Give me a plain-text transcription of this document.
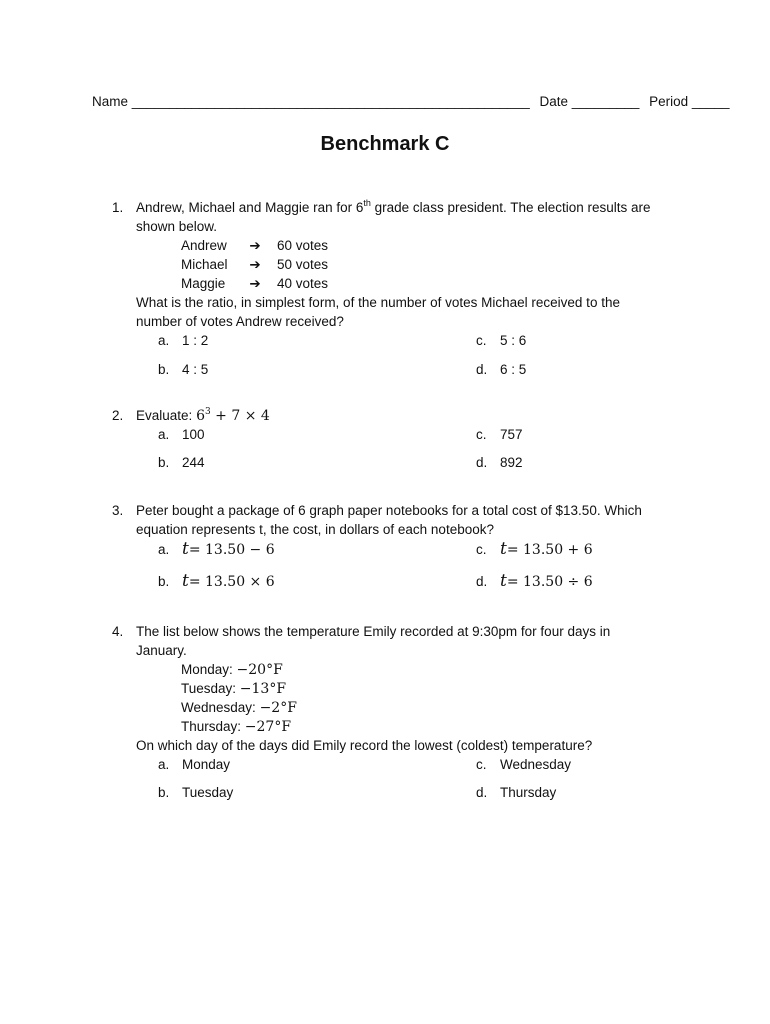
Name _____________________________________________________ Date _________ Period _____
Benchmark C
1. Andrew, Michael and Maggie ran for 6th grade class president. The election results are
shown below.
Andrew ➔ 60 votes
Michael ➔ 50 votes
Maggie ➔ 40 votes
What is the ratio, in simplest form, of the number of votes Michael received to the
number of votes Andrew received?
a. 1 : 2
b. 4 : 5
c. 5 : 6
d. 6 : 5
2. Evaluate: $6^3 + 7 \times 4$
a. 100
b. 244
c. 757
d. 892
3. Peter bought a package of 6 graph paper notebooks for a total cost of $13.50. Which
equation represents t, the cost, in dollars of each notebook?
a. t= 13.50 − 6
b. t= 13.50 × 6
c. t= 13.50 + 6
d. t= 13.50 ÷ 6
4. The list below shows the temperature Emily recorded at 9:30pm for four days in
January.
Monday: −20°F
Tuesday: −13°F
Wednesday: −2°F
Thursday: −27°F
On which day of the days did Emily record the lowest (coldest) temperature?
a. Monday
b. Tuesday
c. Wednesday
d. Thursday
